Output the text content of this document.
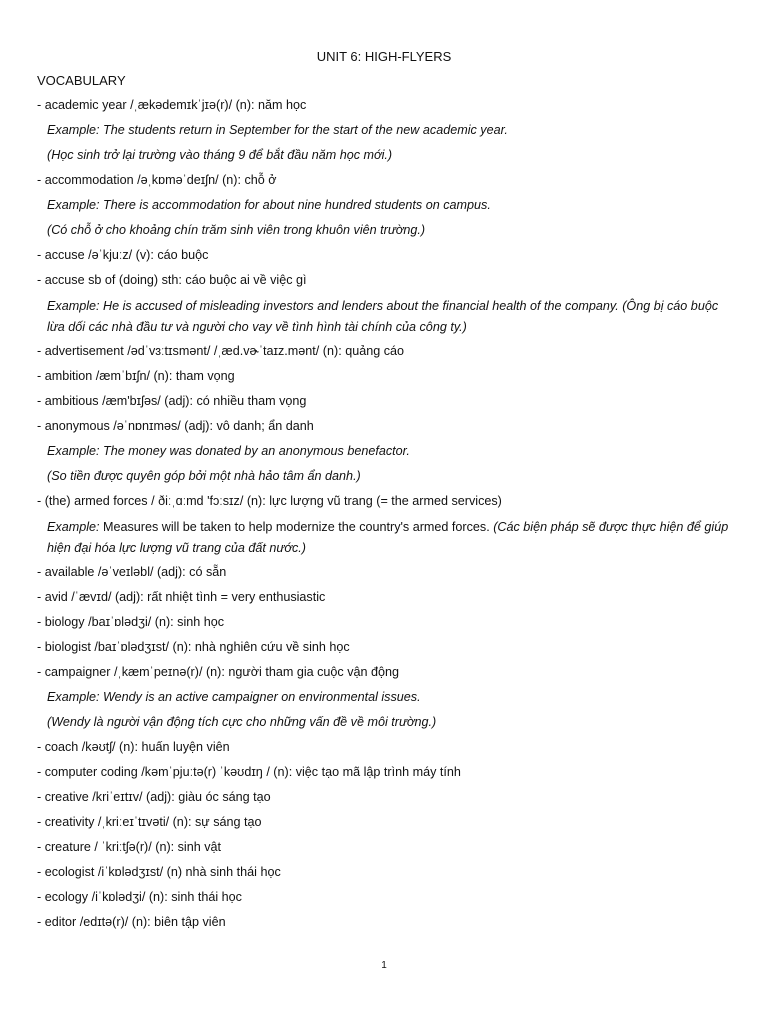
UNIT 6: HIGH-FLYERS
VOCABULARY
- academic year /ˌækədemɪkˈjɪə(r)/ (n): năm học
Example: The students return in September for the start of the new academic year.
(Học sinh trở lại trường vào tháng 9 để bắt đầu năm học mới.)
- accommodation /əˌkɒməˈdeɪʃn/ (n): chỗ ở
Example: There is accommodation for about nine hundred students on campus.
(Có chỗ ở cho khoảng chín trăm sinh viên trong khuôn viên trường.)
- accuse /əˈkjuːz/ (v): cáo buộc
- accuse sb of (doing) sth: cáo buộc ai về việc gì
Example: He is accused of misleading investors and lenders about the financial health of the company. (Ông bị cáo buộc lừa dối các nhà đầu tư và người cho vay về tình hình tài chính của công ty.)
- advertisement /ədˈvɜːtɪsmənt/ /ˌæd.vɚˈtaɪz.mənt/ (n): quảng cáo
- ambition /æmˈbɪʃn/ (n): tham vọng
- ambitious /æm'bɪʃəs/ (adj): có nhiều tham vọng
- anonymous /əˈnɒnɪməs/ (adj): vô danh; ẩn danh
Example: The money was donated by an anonymous benefactor.
(So tiền được quyên góp bởi một nhà hảo tâm ẩn danh.)
- (the) armed forces / ðiːˌɑːmd 'fɔːsɪz/ (n): lực lượng vũ trang (= the armed services)
Example: Measures will be taken to help modernize the country's armed forces. (Các biện pháp sẽ được thực hiện để giúp hiện đại hóa lực lượng vũ trang của đất nước.)
- available /əˈveɪləbl/ (adj): có sẵn
- avid /ˈævɪd/ (adj): rất nhiệt tình = very enthusiastic
- biology /baɪˈɒlədʒi/ (n): sinh học
- biologist /baɪˈɒlədʒɪst/ (n): nhà nghiên cứu về sinh học
- campaigner /ˌkæmˈpeɪnə(r)/ (n): người tham gia cuộc vận động
Example: Wendy is an active campaigner on environmental issues.
(Wendy là người vận động tích cực cho những vấn đề về môi trường.)
- coach /kəʊtʃ/ (n): huấn luyện viên
- computer coding /kəmˈpjuːtə(r) ˈkəʊdɪŋ / (n): việc tạo mã lập trình máy tính
- creative /kriˈeɪtɪv/ (adj): giàu óc sáng tạo
- creativity /ˌkriːeɪˈtɪvəti/ (n): sự sáng tạo
- creature / ˈkriːtʃə(r)/ (n): sinh vật
- ecologist /iˈkɒlədʒɪst/ (n) nhà sinh thái học
- ecology /iˈkɒlədʒi/ (n): sinh thái học
- editor /edɪtə(r)/ (n): biên tập viên
1
